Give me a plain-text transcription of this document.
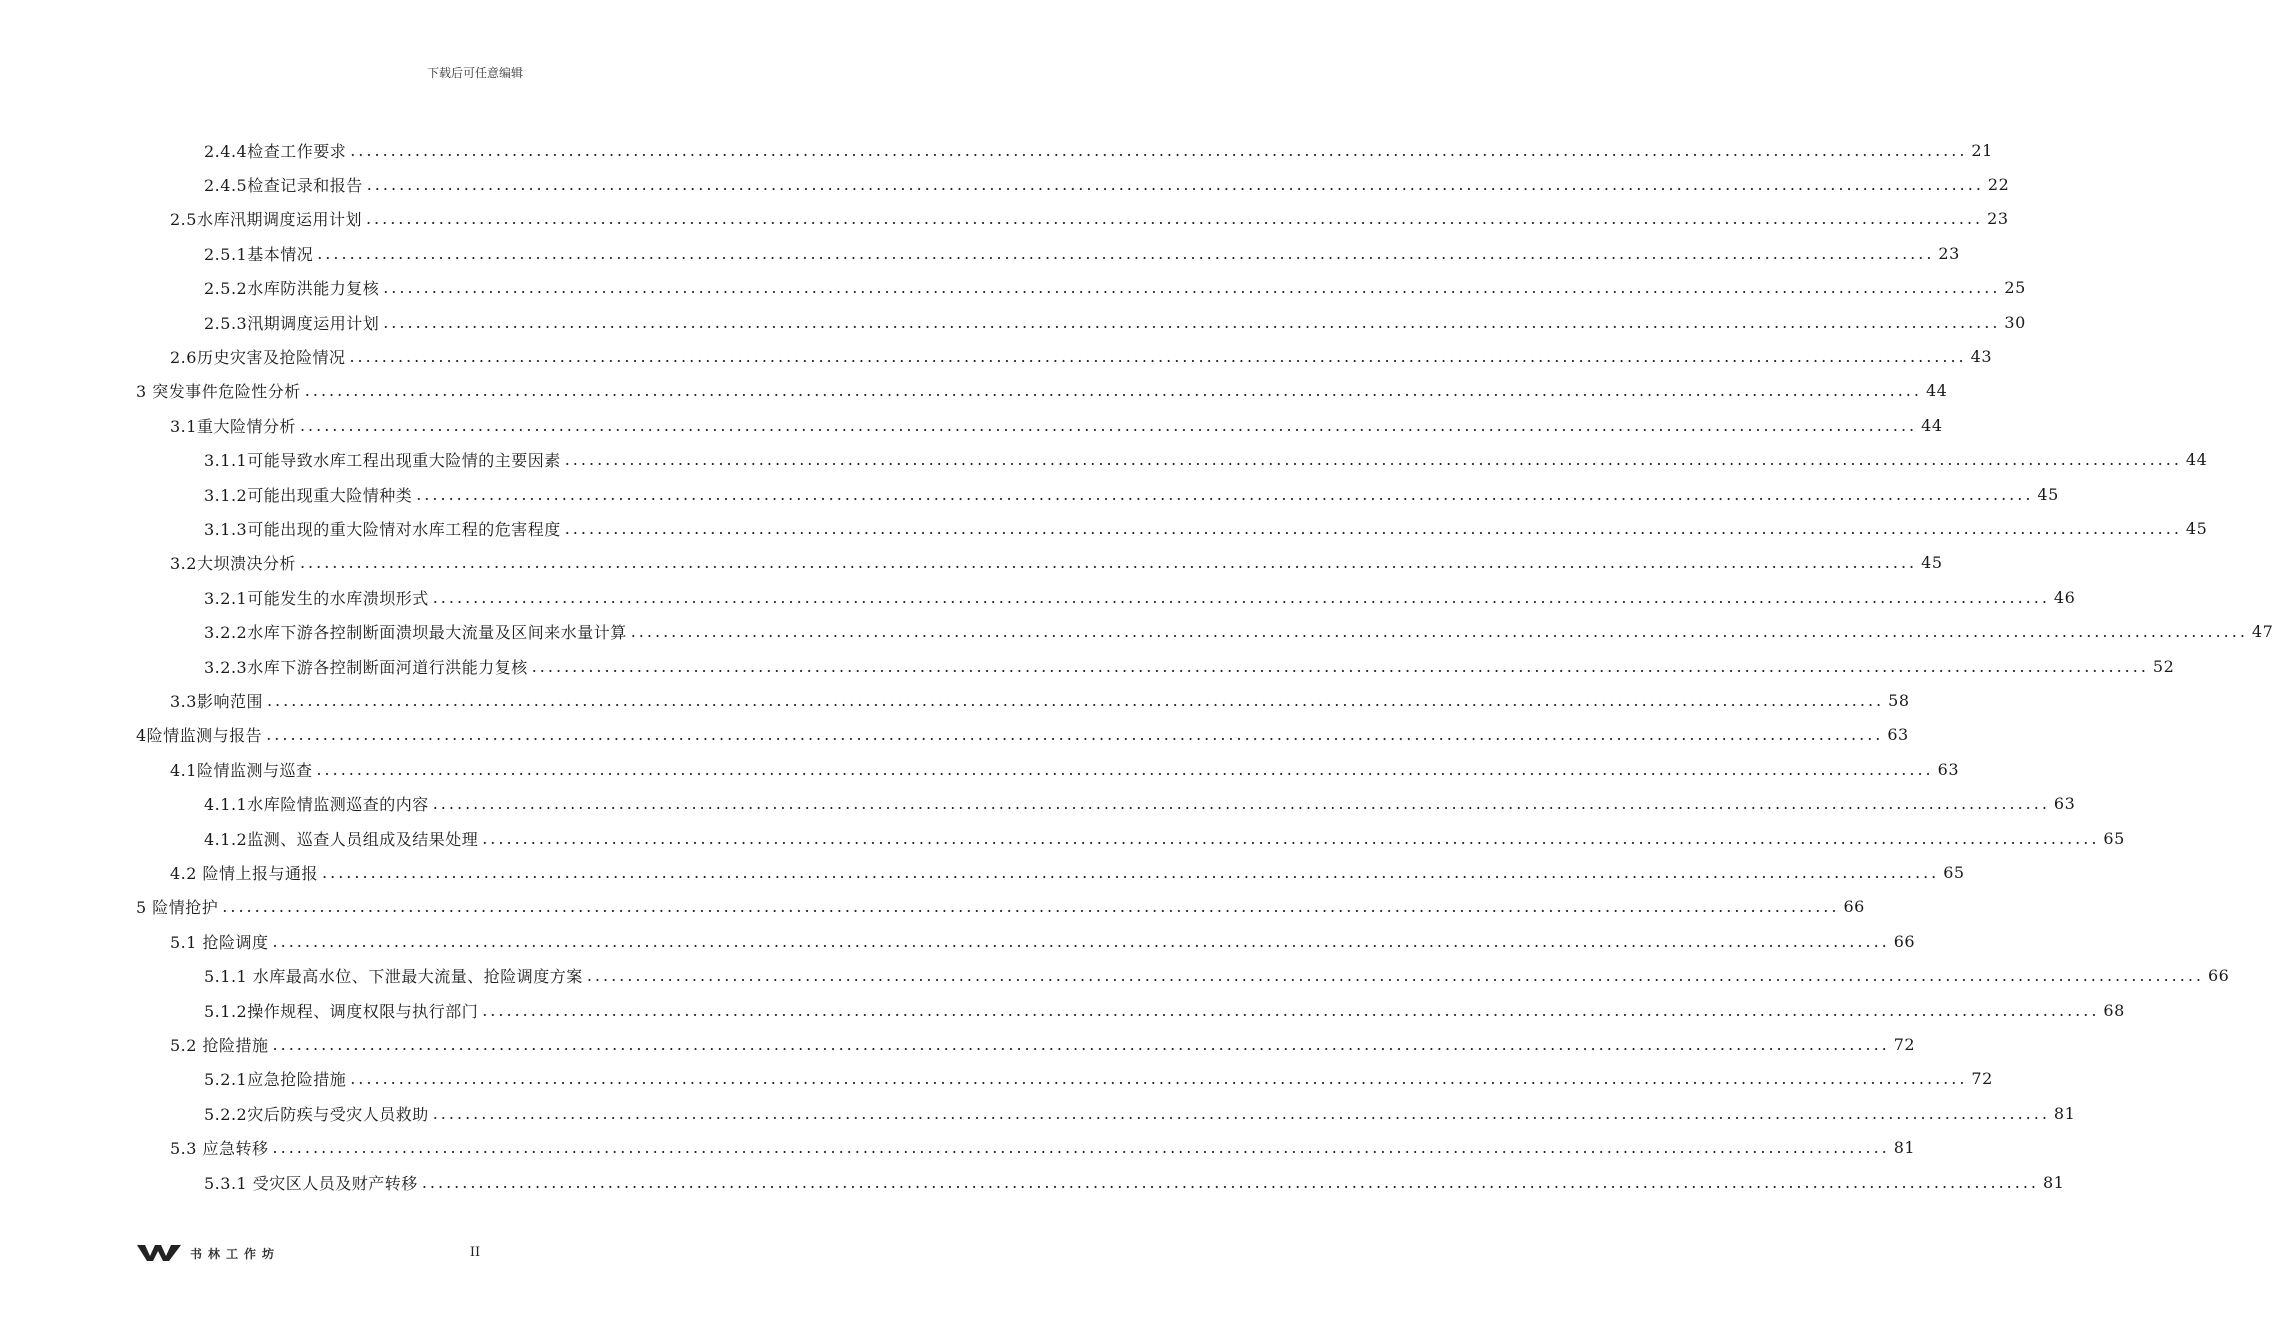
下载后可任意编辑
2.4.4检查工作要求 ........................................................................................................................................................................................................ 21
2.4.5检查记录和报告 ........................................................................................................................................................................................................ 22
2.5水库汛期调度运用计划 ........................................................................................................................................................................................................ 23
2.5.1基本情况 ........................................................................................................................................................................................................ 23
2.5.2水库防洪能力复核 ........................................................................................................................................................................................................ 25
2.5.3汛期调度运用计划 ........................................................................................................................................................................................................ 30
2.6历史灾害及抢险情况 ........................................................................................................................................................................................................ 43
3 突发事件危险性分析 ........................................................................................................................................................................................................ 44
3.1重大险情分析 ........................................................................................................................................................................................................ 44
3.1.1可能导致水库工程出现重大险情的主要因素 ........................................................................................................................................................................................................ 44
3.1.2可能出现重大险情种类 ........................................................................................................................................................................................................ 45
3.1.3可能出现的重大险情对水库工程的危害程度 ........................................................................................................................................................................................................ 45
3.2大坝溃决分析 ........................................................................................................................................................................................................ 45
3.2.1可能发生的水库溃坝形式 ........................................................................................................................................................................................................ 46
3.2.2水库下游各控制断面溃坝最大流量及区间来水量计算 ........................................................................................................................................................................................................ 47
3.2.3水库下游各控制断面河道行洪能力复核 ........................................................................................................................................................................................................ 52
3.3影响范围 ........................................................................................................................................................................................................ 58
4险情监测与报告 ........................................................................................................................................................................................................ 63
4.1险情监测与巡查 ........................................................................................................................................................................................................ 63
4.1.1水库险情监测巡查的内容 ........................................................................................................................................................................................................ 63
4.1.2监测、巡查人员组成及结果处理 ........................................................................................................................................................................................................ 65
4.2 险情上报与通报 ........................................................................................................................................................................................................ 65
5 险情抢护 ........................................................................................................................................................................................................ 66
5.1 抢险调度 ........................................................................................................................................................................................................ 66
5.1.1 水库最高水位、下泄最大流量、抢险调度方案 ........................................................................................................................................................................................................ 66
5.1.2操作规程、调度权限与执行部门 ........................................................................................................................................................................................................ 68
5.2 抢险措施 ........................................................................................................................................................................................................ 72
5.2.1应急抢险措施 ........................................................................................................................................................................................................ 72
5.2.2灾后防疾与受灾人员救助 ........................................................................................................................................................................................................ 81
5.3 应急转移 ........................................................................................................................................................................................................ 81
5.3.1 受灾区人员及财产转移 ........................................................................................................................................................................................................ 81
书林工作坊	II
